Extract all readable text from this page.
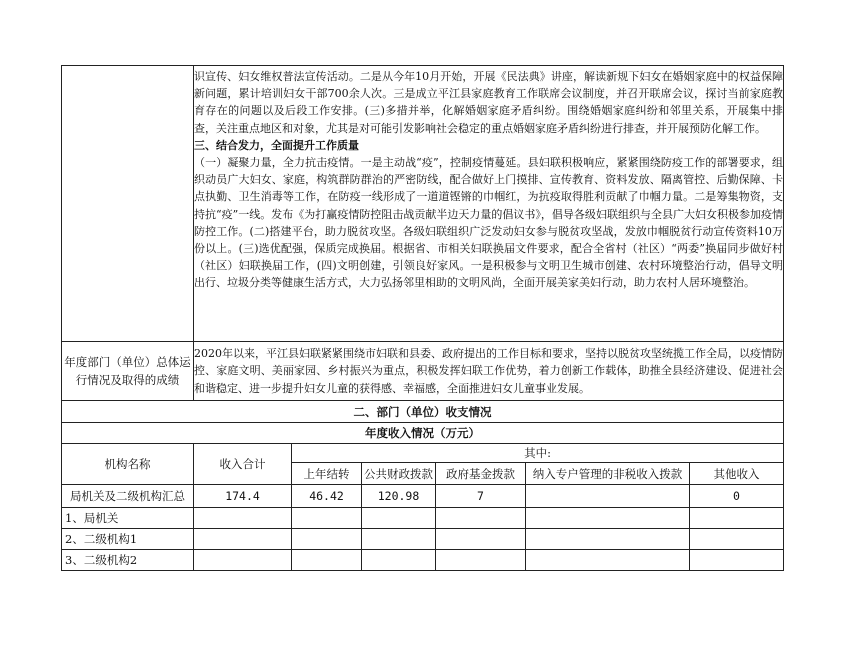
	识宣传、妇女维权普法宣传活动。二是从今年10月开始，开展《民法典》讲座，解读新规下妇女在婚姻家庭中的权益保障新问题，累计培训妇女干部700余人次。三是成立平江县家庭教育工作联席会议制度，并召开联席会议，探讨当前家庭教育存在的问题以及后段工作安排。(三)多措并举，化解婚姻家庭矛盾纠纷。围绕婚姻家庭纠纷和邻里关系，开展集中排查，关注重点地区和对象，尤其是对可能引发影响社会稳定的重点婚姻家庭矛盾纠纷进行排查，并开展预防化解工作。

三、结合发力，全面提升工作质量

（一）凝聚力量，全力抗击疫情。一是主动战“疫”，控制疫情蔓延。县妇联积极响应，紧紧围绕防疫工作的部署要求，组织动员广大妇女、家庭，构筑群防群治的严密防线，配合做好上门摸排、宣传教育、资料发放、隔离管控、后勤保障、卡点执勤、卫生消毒等工作，在防疫一线形成了一道道铿锵的巾帼红，为抗疫取得胜利贡献了巾帼力量。二是筹集物资，支持抗“疫”一线。发布《为打赢疫情防控阻击战贡献半边天力量的倡议书》，倡导各级妇联组织与全县广大妇女积极参加疫情防控工作。(二)搭建平台，助力脱贫攻坚。各级妇联组织广泛发动妇女参与脱贫攻坚战，发放巾帼脱贫行动宣传资料10万份以上。(三)选优配强，保质完成换届。根据省、市相关妇联换届文件要求，配合全省村（社区）“两委”换届同步做好村（社区）妇联换届工作，(四)文明创建，引领良好家风。一是积极参与文明卫生城市创建、农村环境整治行动，倡导文明出行、垃圾分类等健康生活方式，大力弘扬邻里相助的文明风尚，全面开展美家美妇行动，助力农村人居环境整治。					

年度部门（单位）总体运行情况及取得的成绩	2020年以来，平江县妇联紧紧围绕市妇联和县委、政府提出的工作目标和要求，坚持以脱贫攻坚统揽工作全局，以疫情防控、家庭文明、美丽家园、乡村振兴为重点，积极发挥妇联工作优势，着力创新工作载体，助推全县经济建设、促进社会和谐稳定、进一步提升妇女儿童的获得感、幸福感，全面推进妇女儿童事业发展。					
二、部门（单位）收支情况						
年度收入情况（万元）						
机构名称	收入合计	其中:				
		上年结转	公共财政拨款	政府基金拨款	纳入专户管理的非税收入拨款	其他收入
局机关及二级机构汇总	174.4	46.42	120.98	7		0
1、局机关						
2、二级机构1						
3、二级机构2						
